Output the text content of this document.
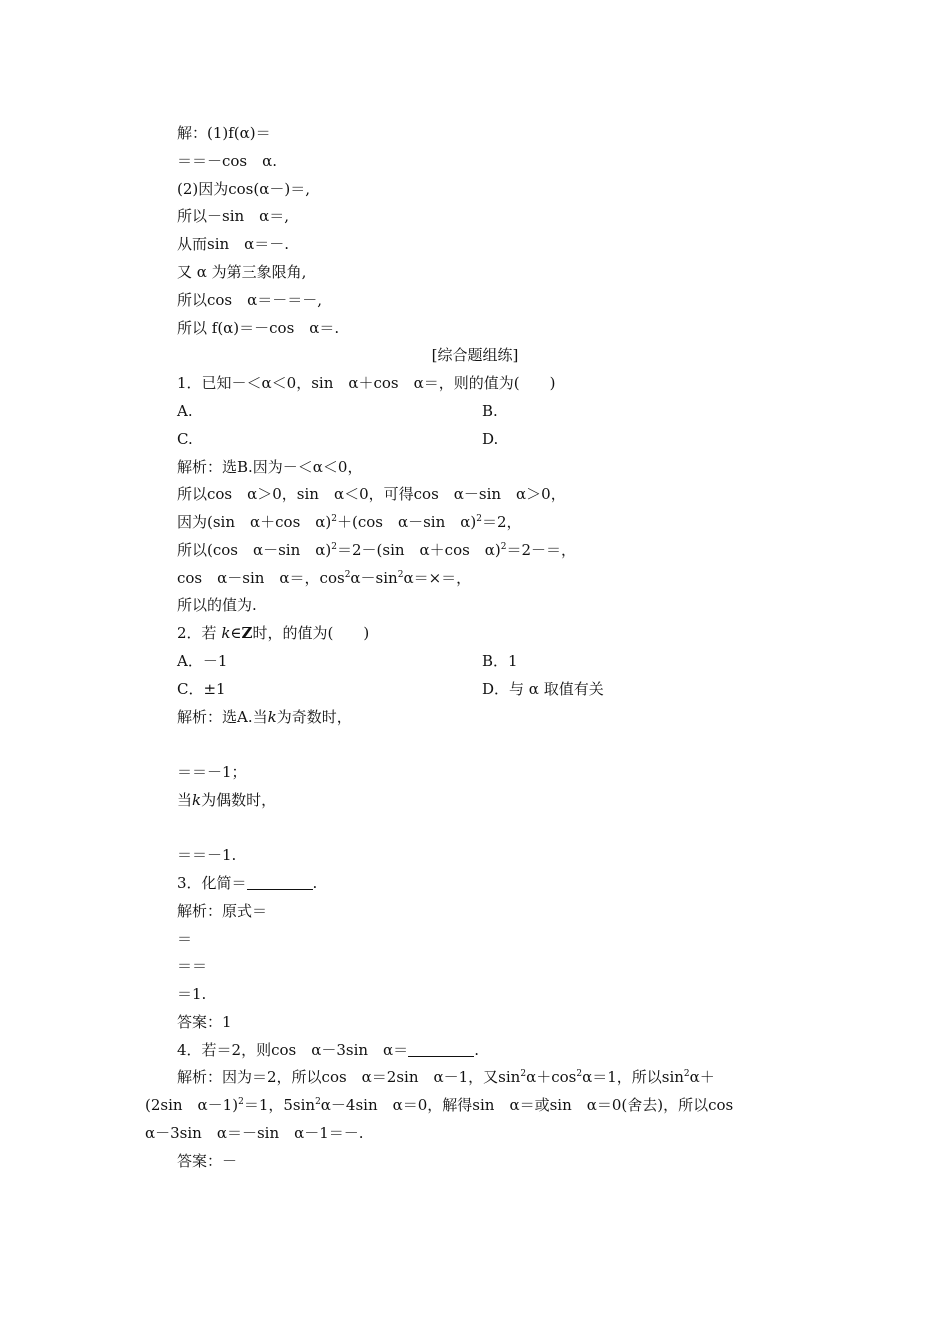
解：(1)f(α)＝
＝＝－cos　α.
(2)因为cos(α－)＝,
所以－sin　α＝,
从而sin　α＝－.
又 α 为第三象限角,
所以cos　α＝－＝－,
所以 f(α)＝－cos　α＝.
[综合题组练]
1．已知－＜α＜0，sin　α＋cos　α＝，则的值为(　　)
A.	B.
C.	D.
解析：选B.因为－＜α＜0，
所以cos　α＞0，sin　α＜0，可得cos　α－sin　α＞0，
因为(sin　α＋cos　α)$^2$＋(cos　α－sin　α)$^2$＝2，
所以(cos　α－sin　α)$^2$＝2－(sin　α＋cos　α)$^2$＝2－＝，
cos　α－sin　α＝，$\cos^2\alpha-\sin^2\alpha=\times=$，
所以的值为.
2．若 k∈Z时，的值为(　　)
A．－1	B．1
C．±1	D．与 α 取值有关
解析：选A.当k为奇数时，
＝＝－1；
当k为偶数时，
＝＝－1.
3．化简＝	.
解析：原式＝
＝
＝＝
＝1.
答案：1
4．若＝2，则cos　α－3sin　α＝	.
解析：因为＝2，所以cos　α＝2sin　α－1，又$\sin^2\alpha+\cos^2\alpha=1$，所以$\sin^2\alpha+$
(2sin　α－1)$^2$＝1，$5\sin^2\alpha-4\sin$　α＝0，解得sin　α＝或sin　α＝0(舍去)，所以cos
α－3sin　α＝－sin　α－1＝－.
答案：－
